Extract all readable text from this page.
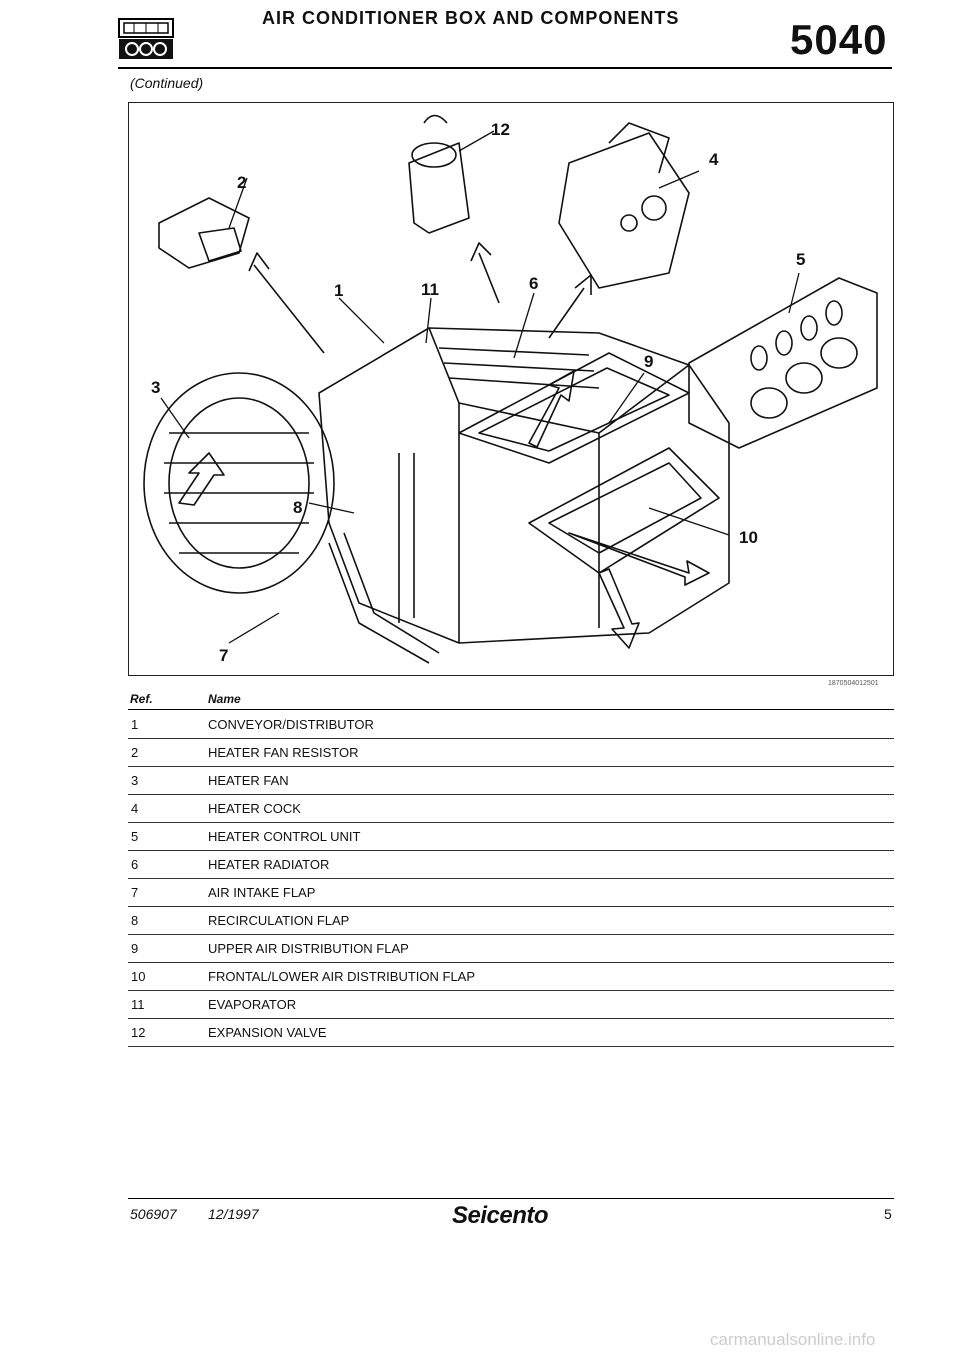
AIR CONDITIONER BOX AND COMPONENTS	5040
(Continued)
1
2
3
4
5
6
7
8
9
10
11
12
1870504012501
Ref.	Name
1	CONVEYOR/DISTRIBUTOR
2	HEATER FAN RESISTOR
3	HEATER FAN
4	HEATER COCK
5	HEATER CONTROL UNIT
6	HEATER RADIATOR
7	AIR INTAKE FLAP
8	RECIRCULATION FLAP
9	UPPER AIR DISTRIBUTION FLAP
10	FRONTAL/LOWER AIR DISTRIBUTION FLAP
11	EVAPORATOR
12	EXPANSION VALVE
506907 12/1997	Seicento	5
carmanualsonline.info
